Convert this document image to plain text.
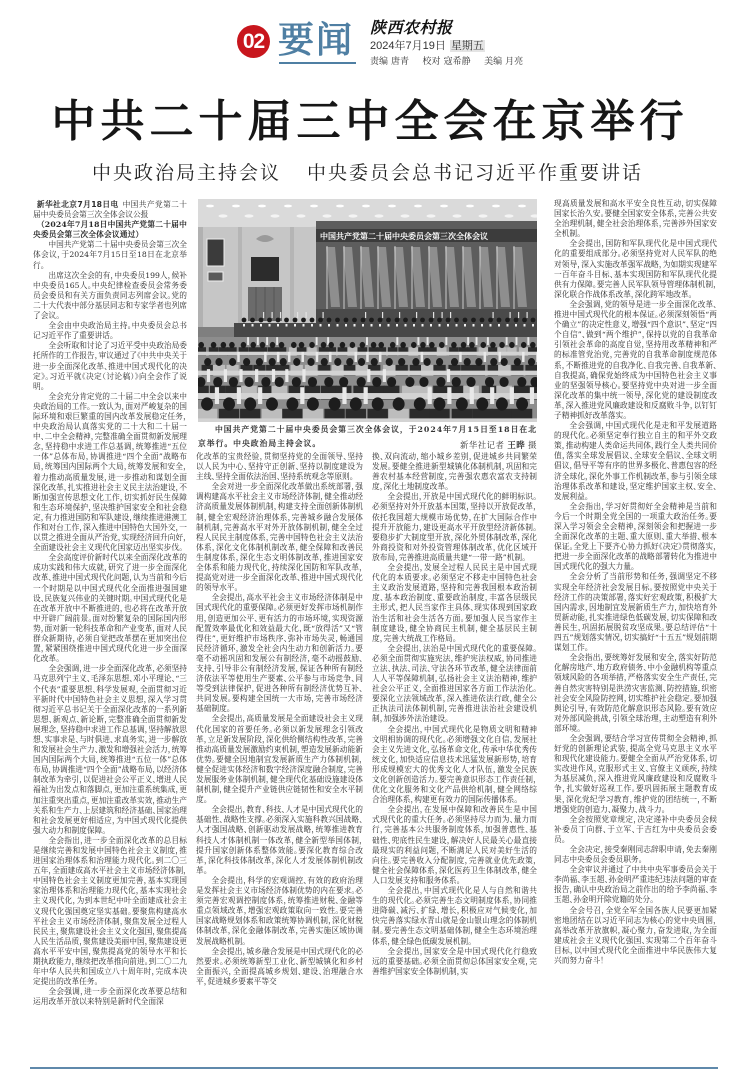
02 要闻 陕西农村报
2024年7月19日 星期五
责编 唐青 校对 寇希静 美编 月亮
中共二十届三中全会在京举行
中央政治局主持会议 中央委员会总书记习近平作重要讲话

新华社北京7月18日电 中国共产党第二十届中央委员会第三次全体会议公报

（2024年7月18日中国共产党第二十届中央委员会第三次全体会议通过）

中国共产党第二十届中央委员会第三次全体会议，于2024年7月15日至18日在北京举行。

出席这次全会的有，中央委员199人，候补中央委员165人。中央纪律检查委员会常务委员会委员和有关方面负责同志列席会议。党的二十大代表中部分基层同志和专家学者也列席了会议。

全会由中央政治局主持。中央委员会总书记习近平作了重要讲话。

全会听取和讨论了习近平受中央政治局委托所作的工作报告，审议通过了《中共中央关于进一步全面深化改革、推进中国式现代化的决定》。习近平就《决定（讨论稿）》向全会作了说明。

全会充分肯定党的二十届二中全会以来中央政治局的工作。一致认为，面对严峻复杂的国际环境和艰巨繁重的国内改革发展稳定任务，中央政治局认真落实党的二十大和二十届一中、二中全会精神，完整准确全面贯彻新发展理念，坚持稳中求进工作总基调，统筹推进“五位一体”总体布局，协调推进“四个全面”战略布局，统筹国内国际两个大局，统筹发展和安全，着力推动高质量发展，进一步推动和谋划全面深化改革，扎实推进社会主义民主法治建设，不断加强宣传思想文化工作，切实抓好民生保障和生态环境保护，坚决维护国家安全和社会稳定，有力推进国防和军队建设，继续推进港澳工作和对台工作，深入推进中国特色大国外交，一以贯之推进全面从严治党，实现经济回升向好，全面建设社会主义现代化国家迈出坚实步伐。

全会高度评价新时代以来全面深化改革的成功实践和伟大成就，研究了进一步全面深化改革、推进中国式现代化问题，认为当前和今后一个时期是以中国式现代化全面推进强国建设、民族复兴伟业的关键时期。中国式现代化是在改革开放中不断推进的，也必将在改革开放中开辟广阔前景。面对纷繁复杂的国际国内形势，面对新一轮科技革命和产业变革，面对人民群众新期待，必须自觉把改革摆在更加突出位置，紧紧围绕推进中国式现代化进一步全面深化改革。

全会强调，进一步全面深化改革，必须坚持马克思列宁主义、毛泽东思想、邓小平理论、“三个代表”重要思想、科学发展观，全面贯彻习近平新时代中国特色社会主义思想，深入学习贯彻习近平总书记关于全面深化改革的一系列新思想、新观点、新论断，完整准确全面贯彻新发展理念，坚持稳中求进工作总基调，坚持解放思想、实事求是、与时俱进、求真务实，进一步解放和发展社会生产力、激发和增强社会活力，统筹国内国际两个大局，统筹推进“五位一体”总体布局，协调推进“四个全面”战略布局，以经济体制改革为牵引，以促进社会公平正义、增进人民福祉为出发点和落脚点，更加注重系统集成，更加注重突出重点，更加注重改革实效，推动生产关系和生产力、上层建筑和经济基础、国家治理和社会发展更好相适应，为中国式现代化提供强大动力和制度保障。

全会指出，进一步全面深化改革的总目标是继续完善和发展中国特色社会主义制度，推进国家治理体系和治理能力现代化。到二〇三五年，全面建成高水平社会主义市场经济体制，中国特色社会主义制度更加完善，基本实现国家治理体系和治理能力现代化，基本实现社会主义现代化，为到本世纪中叶全面建成社会主义现代化强国奠定坚实基础。要聚焦构建高水平社会主义市场经济体制，聚焦发展全过程人民民主，聚焦建设社会主义文化强国，聚焦提高人民生活品质，聚焦建设美丽中国，聚焦建设更高水平平安中国，聚焦提高党的领导水平和长期执政能力，继续把改革推向前进。到二〇二九年中华人民共和国成立八十周年时，完成本决定提出的改革任务。

全会强调，进一步全面深化改革要总结和运用改革开放以来特别是新时代全面深

中国共产党第二十届中央委员会第三次全体会议
中国共产党第二十届中央委员会第三次全体会议，于2024年7月15日至18日在北京举行。中央政治局主持会议。	新华社记者 王晔 摄

化改革的宝贵经验，贯彻坚持党的全面领导、坚持以人民为中心、坚持守正创新、坚持以制度建设为主线、坚持全面依法治国、坚持系统观念等原则。

全会对进一步全面深化改革做出系统部署，强调构建高水平社会主义市场经济体制，健全推动经济高质量发展体制机制，构建支持全面创新体制机制，健全宏观经济治理体系，完善城乡融合发展体制机制，完善高水平对外开放体制机制，健全全过程人民民主制度体系，完善中国特色社会主义法治体系，深化文化体制机制改革，健全保障和改善民生制度体系，深化生态文明体制改革，推进国家安全体系和能力现代化，持续深化国防和军队改革，提高党对进一步全面深化改革、推进中国式现代化的领导水平。

全会提出，高水平社会主义市场经济体制是中国式现代化的重要保障。必须更好发挥市场机制作用，创造更加公平、更有活力的市场环境，实现资源配置效率最优化和效益最大化，既“放得活”又“管得住”，更好维护市场秩序、弥补市场失灵，畅通国民经济循环，激发全社会内生动力和创新活力。要毫不动摇巩固和发展公有制经济，毫不动摇鼓励、支持、引导非公有制经济发展，保证各种所有制经济依法平等使用生产要素、公平参与市场竞争、同等受到法律保护，促进各种所有制经济优势互补、共同发展。要构建全国统一大市场，完善市场经济基础制度。

全会提出，高质量发展是全面建设社会主义现代化国家的首要任务。必须以新发展理念引领改革，立足新发展阶段，深化供给侧结构性改革，完善推动高质量发展激励约束机制，塑造发展新动能新优势。要健全因地制宜发展新质生产力体制机制，健全促进实体经济和数字经济深度融合制度，完善发展服务业体制机制，健全现代化基础设施建设体制机制，健全提升产业链供应链韧性和安全水平制度。

全会提出，教育、科技、人才是中国式现代化的基础性、战略性支撑。必须深入实施科教兴国战略、人才强国战略、创新驱动发展战略，统筹推进教育科技人才体制机制一体改革，健全新型举国体制，提升国家创新体系整体效能。要深化教育综合改革，深化科技体制改革，深化人才发展体制机制改革。

全会提出，科学的宏观调控、有效的政府治理是发挥社会主义市场经济体制优势的内在要求。必须完善宏观调控制度体系，统筹推进财税、金融等重点领域改革，增强宏观政策取向一致性。要完善国家战略规划体系和政策统筹协调机制，深化财税体制改革，深化金融体制改革，完善实施区域协调发展战略机制。

全会提出，城乡融合发展是中国式现代化的必然要求。必须统筹新型工业化、新型城镇化和乡村全面振兴，全面提高城乡规划、建设、治理融合水平，促进城乡要素平等交

换、双向流动，缩小城乡差别，促进城乡共同繁荣发展。要健全推进新型城镇化体制机制，巩固和完善农村基本经营制度，完善强农惠农富农支持制度，深化土地制度改革。

全会提出，开放是中国式现代化的鲜明标识。必须坚持对外开放基本国策，坚持以开放促改革，依托我国超大规模市场优势，在扩大国际合作中提升开放能力，建设更高水平开放型经济新体制。要稳步扩大制度型开放，深化外贸体制改革，深化外商投资和对外投资管理体制改革，优化区域开放布局，完善推进高质量共建“一带一路”机制。

全会提出，发展全过程人民民主是中国式现代化的本质要求。必须坚定不移走中国特色社会主义政治发展道路，坚持和完善我国根本政治制度、基本政治制度、重要政治制度，丰富各层级民主形式，把人民当家作主具体、现实体现到国家政治生活和社会生活各方面。要加强人民当家作主制度建设，健全协商民主机制，健全基层民主制度，完善大统战工作格局。

全会提出，法治是中国式现代化的重要保障。必须全面贯彻实施宪法，维护宪法权威，协同推进立法、执法、司法、守法各环节改革，健全法律面前人人平等保障机制，弘扬社会主义法治精神，维护社会公平正义，全面推进国家各方面工作法治化。要深化立法领域改革，深入推进依法行政，健全公正执法司法体制机制，完善推进法治社会建设机制，加强涉外法治建设。

全会提出，中国式现代化是物质文明和精神文明相协调的现代化。必须增强文化自信，发展社会主义先进文化，弘扬革命文化，传承中华优秀传统文化，加快适应信息技术迅猛发展新形势，培育形成规模宏大的优秀文化人才队伍，激发全民族文化创新创造活力。要完善意识形态工作责任制，优化文化服务和文化产品供给机制，健全网络综合治理体系，构建更有效力的国际传播体系。

全会提出，在发展中保障和改善民生是中国式现代化的重大任务。必须坚持尽力而为、量力而行，完善基本公共服务制度体系，加强普惠性、基础性、兜底性民生建设，解决好人民最关心最直接最现实的利益问题，不断满足人民对美好生活的向往。要完善收入分配制度，完善就业优先政策，健全社会保障体系，深化医药卫生体制改革，健全人口发展支持和服务体系。

全会提出，中国式现代化是人与自然和谐共生的现代化。必须完善生态文明制度体系，协同推进降碳、减污、扩绿、增长，积极应对气候变化，加快完善落实绿水青山就是金山银山理念的体制机制。要完善生态文明基础体制，健全生态环境治理体系，健全绿色低碳发展机制。

全会提出，国家安全是中国式现代化行稳致远的重要基础。必须全面贯彻总体国家安全观，完善维护国家安全体制机制，实

现高质量发展和高水平安全良性互动，切实保障国家长治久安。要健全国家安全体系，完善公共安全治理机制，健全社会治理体系，完善涉外国家安全机制。

全会提出，国防和军队现代化是中国式现代化的重要组成部分。必须坚持党对人民军队的绝对领导，深入实施改革强军战略，为如期实现建军一百年奋斗目标、基本实现国防和军队现代化提供有力保障。要完善人民军队领导管理体制机制，深化联合作战体系改革，深化跨军地改革。

全会强调，党的领导是进一步全面深化改革、推进中国式现代化的根本保证。必须深刻领悟“两个确立”的决定性意义，增强“四个意识”、坚定“四个自信”、做到“两个维护”，保持以党的自我革命引领社会革命的高度自觉，坚持用改革精神和严的标准管党治党，完善党的自我革命制度规范体系，不断推进党的自我净化、自我完善、自我革新、自我提高，确保党始终成为中国特色社会主义事业的坚强领导核心。要坚持党中央对进一步全面深化改革的集中统一领导，深化党的建设制度改革，深入推进党风廉政建设和反腐败斗争，以钉钉子精神抓好改革落实。

全会强调，中国式现代化是走和平发展道路的现代化。必须坚定奉行独立自主的和平外交政策，推动构建人类命运共同体，践行全人类共同价值，落实全球发展倡议、全球安全倡议、全球文明倡议，倡导平等有序的世界多极化、普惠包容的经济全球化，深化外事工作机制改革，参与引领全球治理体系改革和建设，坚定维护国家主权、安全、发展利益。

全会指出，学习好贯彻好全会精神是当前和今后一个时期全党全国的一项重大政治任务。要深入学习领会全会精神，深刻领会和把握进一步全面深化改革的主题、重大原则、重大举措、根本保证。全党上下要齐心协力抓好《决定》贯彻落实，把进一步全面深化改革的战略部署转化为推进中国式现代化的强大力量。

全会分析了当前形势和任务，强调坚定不移实现全年经济社会发展目标。要按照党中央关于经济工作的决策部署，落实好宏观政策，积极扩大国内需求，因地制宜发展新质生产力，加快培育外贸新动能，扎实推进绿色低碳发展，切实保障和改善民生，巩固拓展脱贫攻坚成果。要总结评估“十四五”规划落实情况，切实搞好“十五五”规划前期谋划工作。

全会指出，要统筹好发展和安全，落实好防范化解房地产、地方政府债务、中小金融机构等重点领域风险的各项举措，严格落实安全生产责任，完善自然灾害特别是洪涝灾害监测、防控措施，织密社会安全风险防控网，切实维护社会稳定。要加强舆论引导，有效防范化解意识形态风险。要有效应对外部风险挑战，引领全球治理，主动塑造有利外部环境。

全会强调，要结合学习宣传贯彻全会精神，抓好党的创新理论武装，提高全党马克思主义水平和现代化建设能力。要健全全面从严治党体系，切实改进作风，克服形式主义、官僚主义顽疾，持续为基层减负，深入推进党风廉政建设和反腐败斗争，扎实做好巡视工作。要巩固拓展主题教育成果，深化党纪学习教育，维护党的团结统一，不断增强党的创造力、凝聚力、战斗力。

全会按照党章规定，决定递补中央委员会候补委员丁向群、于立军、于吉红为中央委员会委员。

全会决定，接受秦刚同志辞职申请，免去秦刚同志中央委员会委员职务。

全会审议并通过了中共中央军事委员会关于李尚福、李玉超、孙金明严重违纪违法问题的审查报告，确认中央政治局之前作出的给予李尚福、李玉超、孙金明开除党籍的处分。

全会号召，全党全军全国各族人民要更加紧密地团结在以习近平同志为核心的党中央周围，高举改革开放旗帜，凝心聚力，奋发进取，为全面建成社会主义现代化强国、实现第二个百年奋斗目标，以中国式现代化全面推进中华民族伟大复兴而努力奋斗！
